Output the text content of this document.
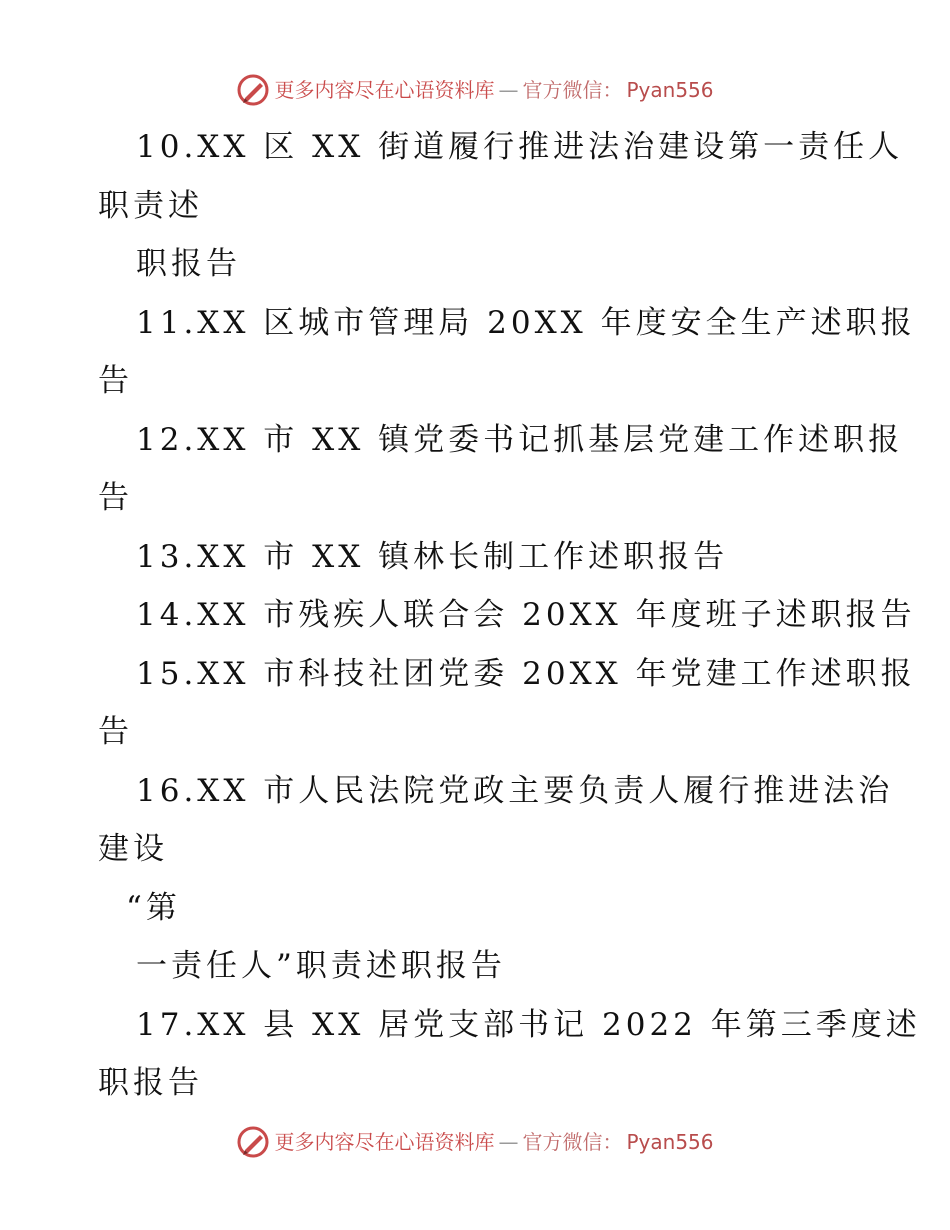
更多内容尽在心语资料库 — 官方微信： Pyan556
10.XX 区 XX 街道履行推进法治建设第一责任人
职责述
职报告
11.XX 区城市管理局 20XX 年度安全生产述职报
告
12.XX 市 XX 镇党委书记抓基层党建工作述职报
告
13.XX 市 XX 镇林长制工作述职报告
14.XX 市残疾人联合会 20XX 年度班子述职报告
15.XX 市科技社团党委 20XX 年党建工作述职报
告
16.XX 市人民法院党政主要负责人履行推进法治
建设
“第
一责任人”职责述职报告
17.XX 县 XX 居党支部书记 2022 年第三季度述
职报告
更多内容尽在心语资料库 — 官方微信： Pyan556
